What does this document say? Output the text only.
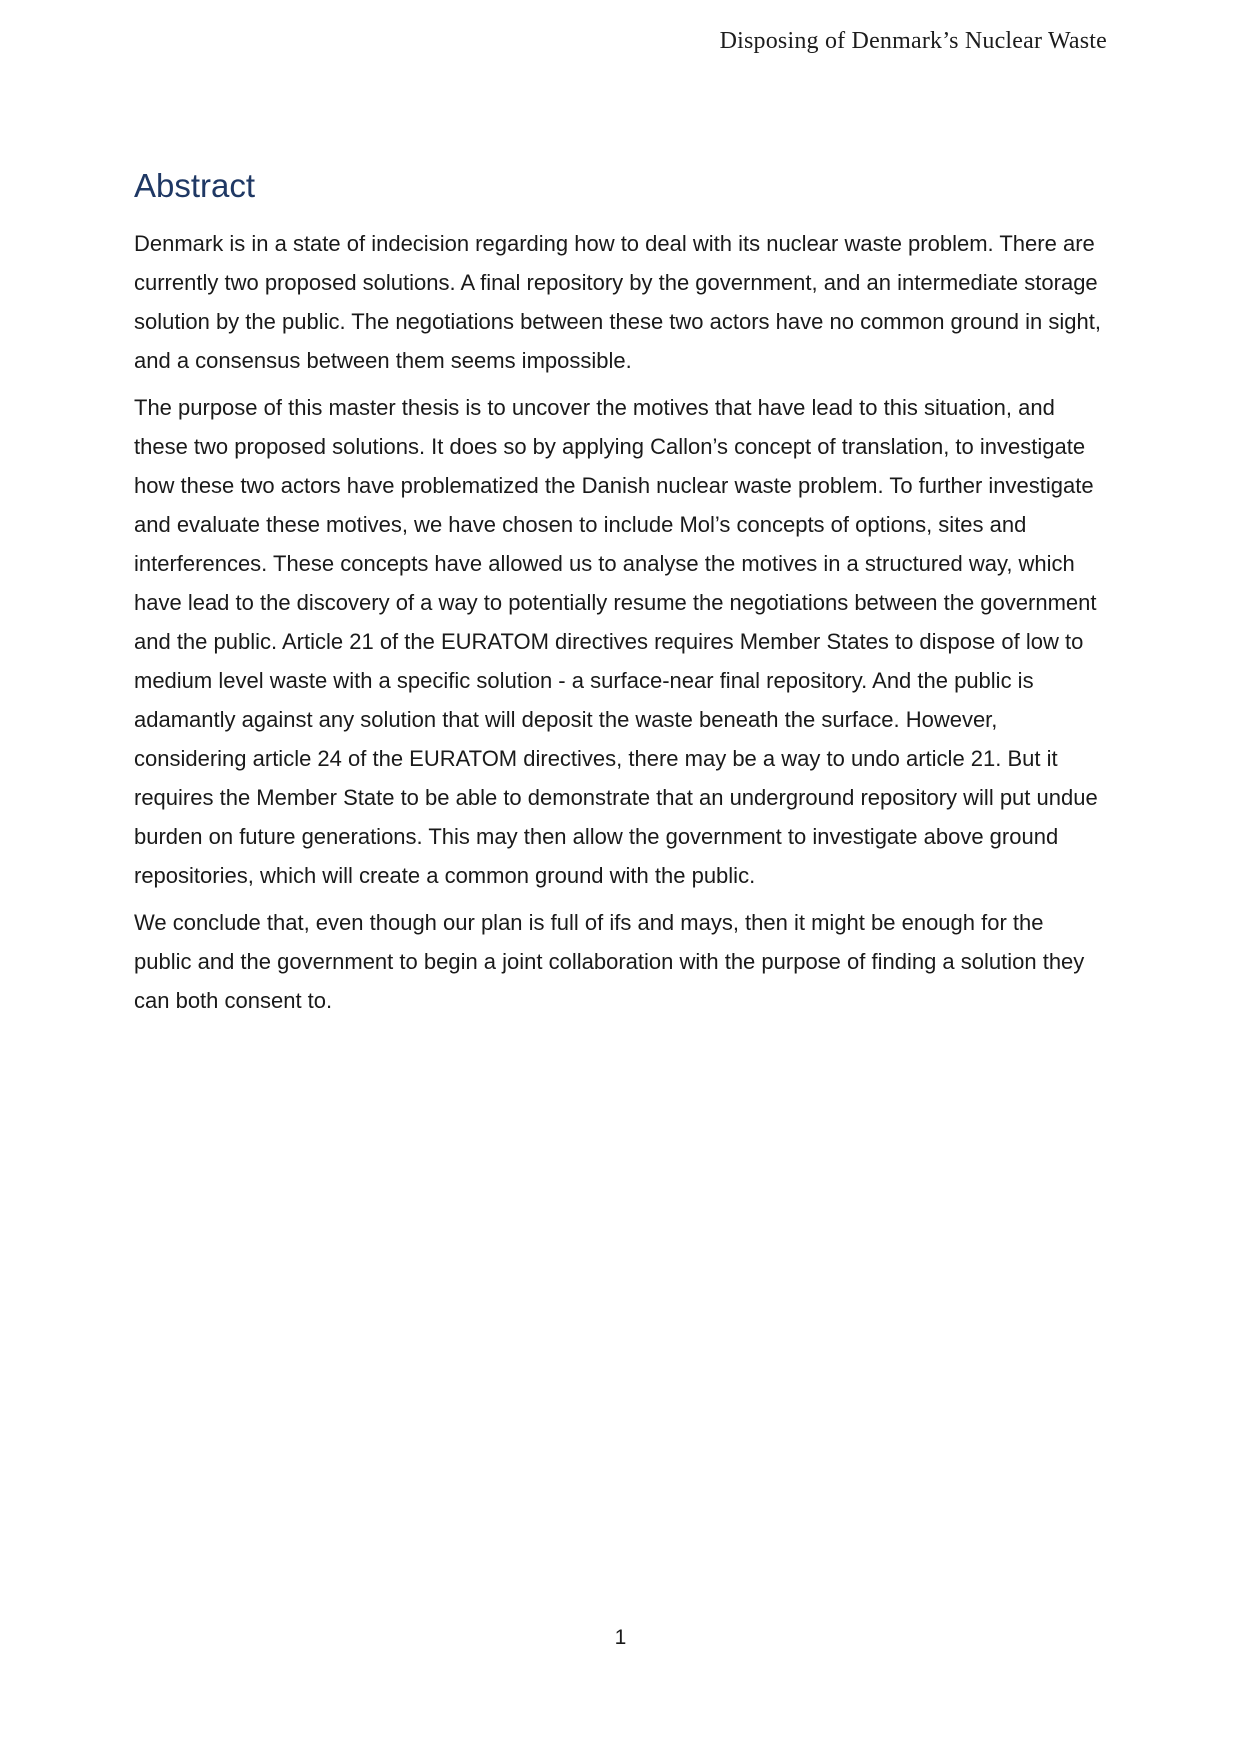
Disposing of Denmark’s Nuclear Waste
Abstract

Denmark is in a state of indecision regarding how to deal with its nuclear waste problem. There are currently two proposed solutions. A final repository by the government, and an intermediate storage solution by the public. The negotiations between these two actors have no common ground in sight, and a consensus between them seems impossible.

The purpose of this master thesis is to uncover the motives that have lead to this situation, and these two proposed solutions. It does so by applying Callon’s concept of translation, to investigate how these two actors have problematized the Danish nuclear waste problem. To further investigate and evaluate these motives, we have chosen to include Mol’s concepts of options, sites and interferences. These concepts have allowed us to analyse the motives in a structured way, which have lead to the discovery of a way to potentially resume the negotiations between the government and the public. Article 21 of the EURATOM directives requires Member States to dispose of low to medium level waste with a specific solution - a surface-near final repository. And the public is adamantly against any solution that will deposit the waste beneath the surface. However, considering article 24 of the EURATOM directives, there may be a way to undo article 21. But it requires the Member State to be able to demonstrate that an underground repository will put undue burden on future generations. This may then allow the government to investigate above ground repositories, which will create a common ground with the public.

We conclude that, even though our plan is full of ifs and mays, then it might be enough for the public and the government to begin a joint collaboration with the purpose of finding a solution they can both consent to.

1
